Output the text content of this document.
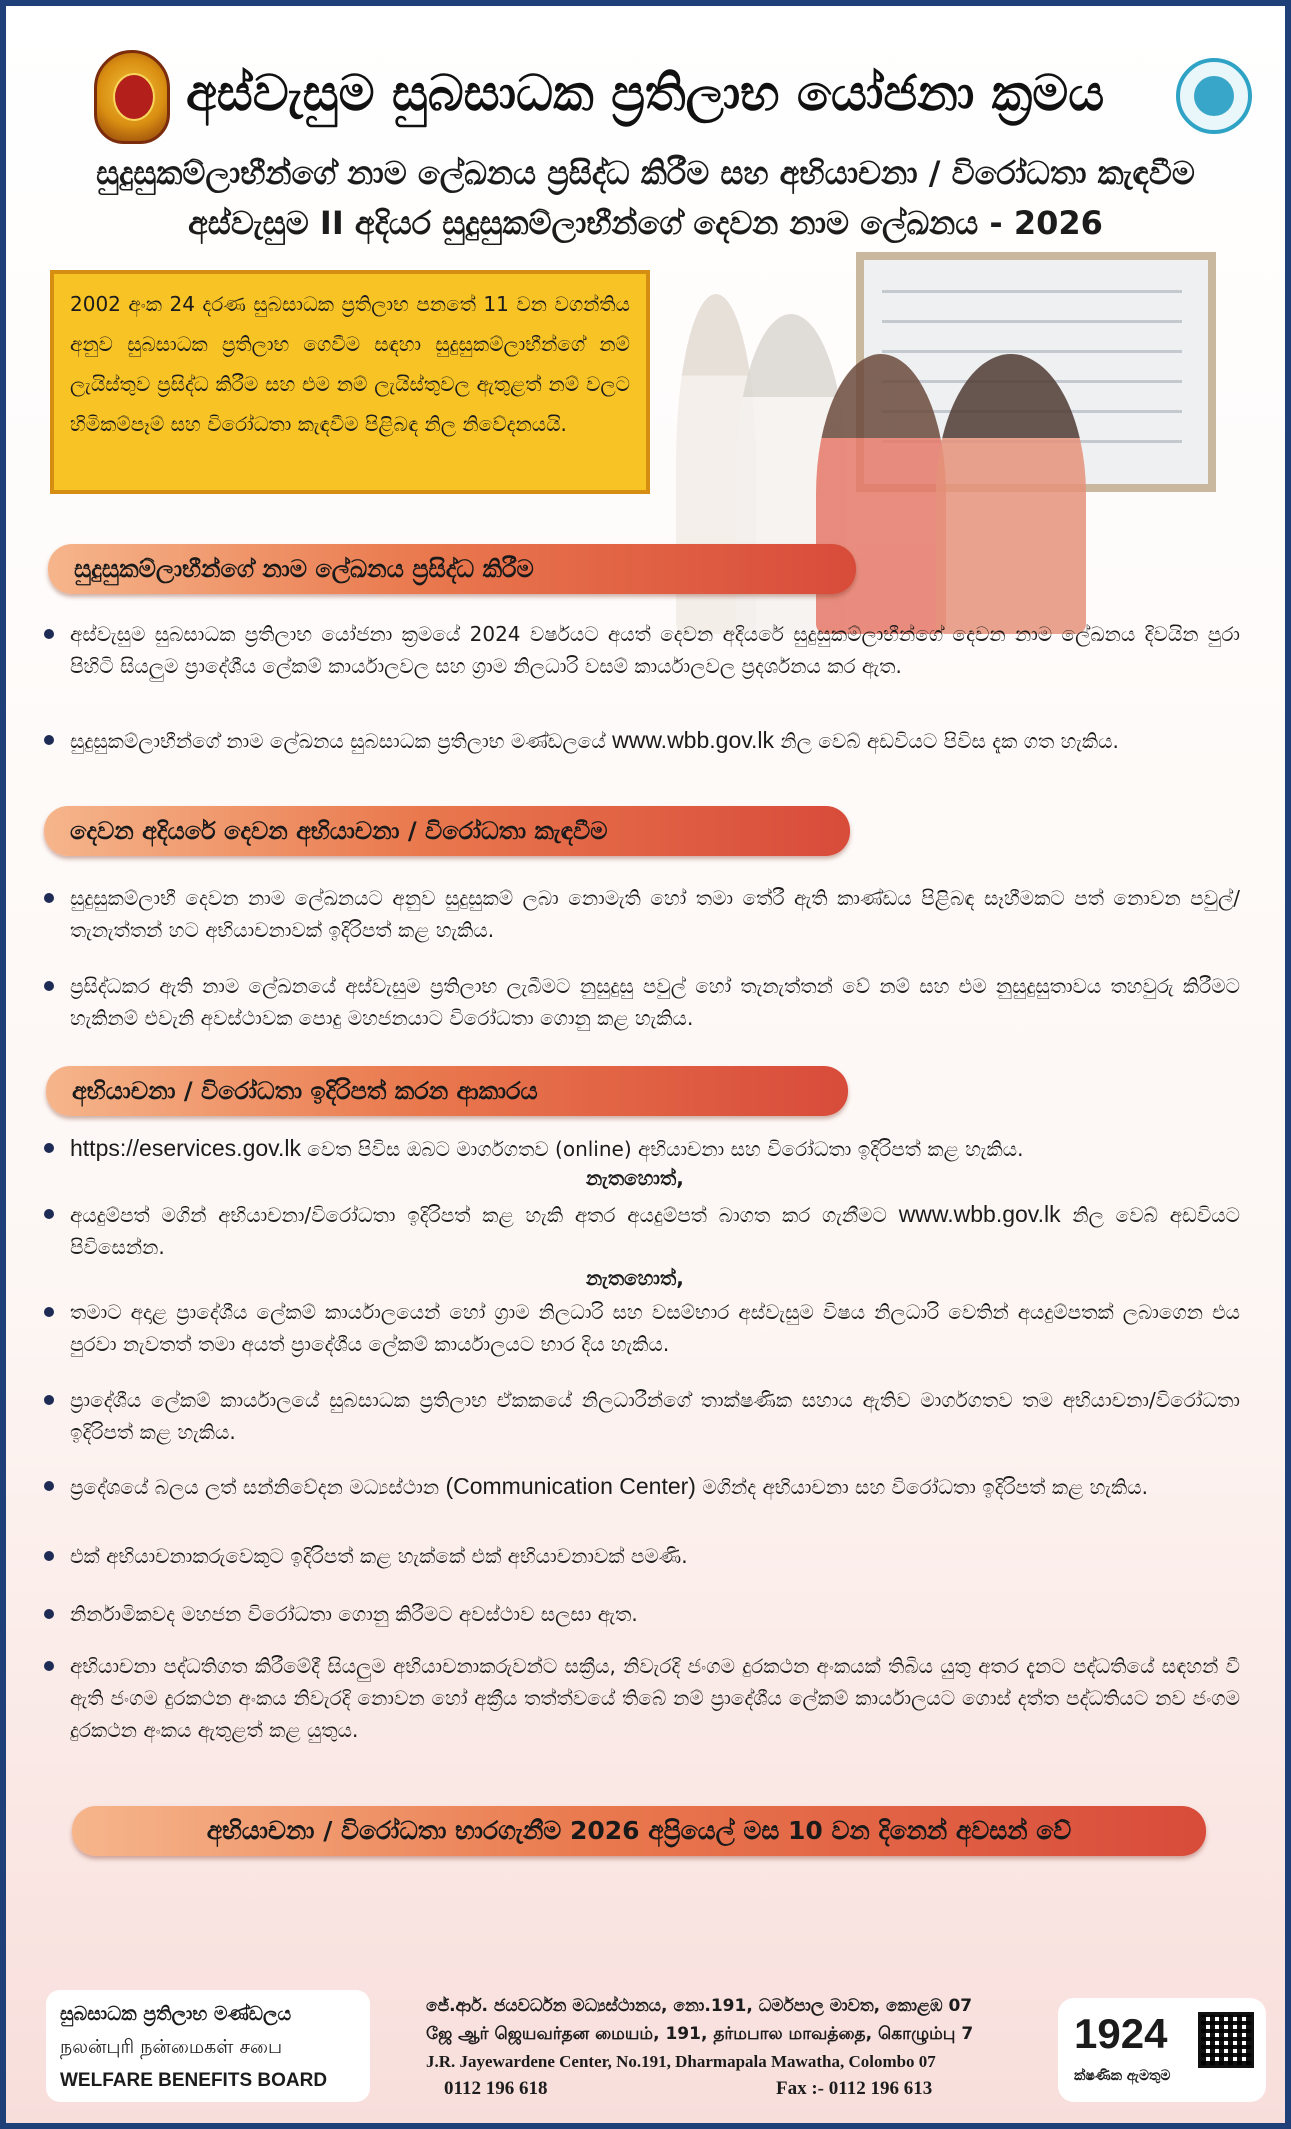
අස්වැසුම සුබසාධක ප්‍රතිලාභ යෝජනා ක්‍රමය
සුදුසුකම්ලාභීන්ගේ නාම ලේඛනය ප්‍රසිද්ධ කිරීම සහ අභියාචනා / විරෝධතා කැඳවීම
අස්වැසුම II අදියර සුදුසුකම්ලාභීන්ගේ දෙවන නාම ලේඛනය - 2026
2002 අංක 24 දරණ සුබසාධක ප්‍රතිලාභ පනතේ 11 වන වගන්තිය අනුව සුබසාධක ප්‍රතිලාභ ගෙවීම සඳහා සුදුසුකම්ලාභීන්ගේ නම් ලැයිස්තුව ප්‍රසිද්ධ කිරීම සහ එම නම් ලැයිස්තුවල ඇතුළත් නම් වලට හිමිකම්පෑම් සහ විරෝධතා කැඳවීම පිළිබඳ නිල නිවේදනයයි.
සුදුසුකම්ලාභීන්ගේ නාම ලේඛනය ප්‍රසිද්ධ කිරීම
අස්වැසුම සුබසාධක ප්‍රතිලාභ යෝජනා ක්‍රමයේ 2024 වර්ෂයට අයත් දෙවන අදියරේ සුදුසුකම්ලාභීන්ගේ දෙවන නාම ලේඛනය දිවයින පුරා පිහිටි සියලුම ප්‍රාදේශීය ලේකම් කාර්යාලවල සහ ග්‍රාම නිලධාරි වසම් කාර්යාලවල ප්‍රදර්ශනය කර ඇත.
සුදුසුකම්ලාභීන්ගේ නාම ලේඛනය සුබසාධක ප්‍රතිලාභ මණ්ඩලයේ www.wbb.gov.lk නිල වෙබ් අඩවියට පිවිස දැක ගත හැකිය.
දෙවන අදියරේ දෙවන අභියාචනා / විරෝධතා කැඳවීම
සුදුසුකම්ලාභී දෙවන නාම ලේඛනයට අනුව සුදුසුකම් ලබා නොමැති හෝ තමා තේරී ඇති කාණ්ඩය පිළිබඳ සෑහීමකට පත් නොවන පවුල්/ තැනැත්තන් හට අභියාචනාවක් ඉදිරිපත් කළ හැකිය.
ප්‍රසිද්ධකර ඇති නාම ලේඛනයේ අස්වැසුම ප්‍රතිලාභ ලැබීමට නුසුදුසු පවුල් හෝ තැනැත්තන් වේ නම් සහ එම නුසුදුසුතාවය තහවුරු කිරීමට හැකිනම් එවැනි අවස්ථාවක පොදු මහජනයාට විරෝධතා ගොනු කළ හැකිය.
අභියාචනා / විරෝධතා ඉදිරිපත් කරන ආකාරය
https://eservices.gov.lk වෙත පිවිස ඔබට මාර්ගගතව (online) අභියාචනා සහ විරෝධතා ඉදිරිපත් කළ හැකිය.
නැතහොත්,
අයදුම්පත් මගින් අභියාචනා/විරෝධතා ඉදිරිපත් කළ හැකි අතර අයදුම්පත් බාගත කර ගැනීමට www.wbb.gov.lk නිල වෙබ් අඩවියට පිවිසෙන්න.
නැතහොත්,
තමාට අදාළ ප්‍රාදේශීය ලේකම් කාර්යාලයෙන් හෝ ග්‍රාම නිලධාරි සහ වසම්භාර අස්වැසුම විෂය නිලධාරි වෙතින් අයදුම්පතක් ලබාගෙන එය පුරවා නැවතත් තමා අයත් ප්‍රාදේශීය ලේකම් කාර්යාලයට භාර දිය හැකිය.
ප්‍රාදේශීය ලේකම් කාර්යාලයේ සුබසාධක ප්‍රතිලාභ ඒකකයේ නිලධාරීන්ගේ තාක්ෂණික සහාය ඇතිව මාර්ගගතව තම අභියාචනා/විරෝධතා ඉදිරිපත් කළ හැකිය.
ප්‍රදේශයේ බලය ලත් සන්නිවේදන මධ්‍යස්ථාන (Communication Center) මගින්ද අභියාචනා සහ විරෝධතා ඉදිරිපත් කළ හැකිය.
එක් අභියාචනාකරුවෙකුට ඉදිරිපත් කළ හැක්කේ එක් අභියාචනාවක් පමණි.
නිර්නාමිකවද මහජන විරෝධතා ගොනු කිරීමට අවස්ථාව සලසා ඇත.
අභියාචනා පද්ධතිගත කිරීමේදී සියලුම අභියාචනාකරුවන්ට සක්‍රීය, නිවැරදි ජංගම දුරකථන අංකයක් තිබිය යුතු අතර දැනට පද්ධතියේ සඳහන් වී ඇති ජංගම දුරකථන අංකය නිවැරදි නොවන හෝ අක්‍රීය තත්ත්වයේ තිබේ නම් ප්‍රාදේශීය ලේකම් කාර්යාලයට ගොස් දත්ත පද්ධතියට නව ජංගම දුරකථන අංකය ඇතුළත් කළ යුතුය.
අභියාචනා / විරෝධතා භාරගැනීම 2026 අප්‍රියෙල් මස 10 වන දිනෙන් අවසන් වේ
සුබසාධක ප්‍රතිලාභ මණ්ඩලය
நலன்புரி நன்மைகள் சபை
WELFARE BENEFITS BOARD
ජේ.ආර්. ජයවර්ධන මධ්‍යස්ථානය, නො.191, ධර්මපාල මාවත, කොළඹ 07
ஜே ஆர் ஜெயவர்தன மையம், 191, தர்மபால மாவத்தை, கொழும்பு 7
J.R. Jayewardene Center, No.191, Dharmapala Mawatha, Colombo 07
0112 196 618	Fax :- 0112 196 613
1924
ක්ෂණික ඇමතුම
